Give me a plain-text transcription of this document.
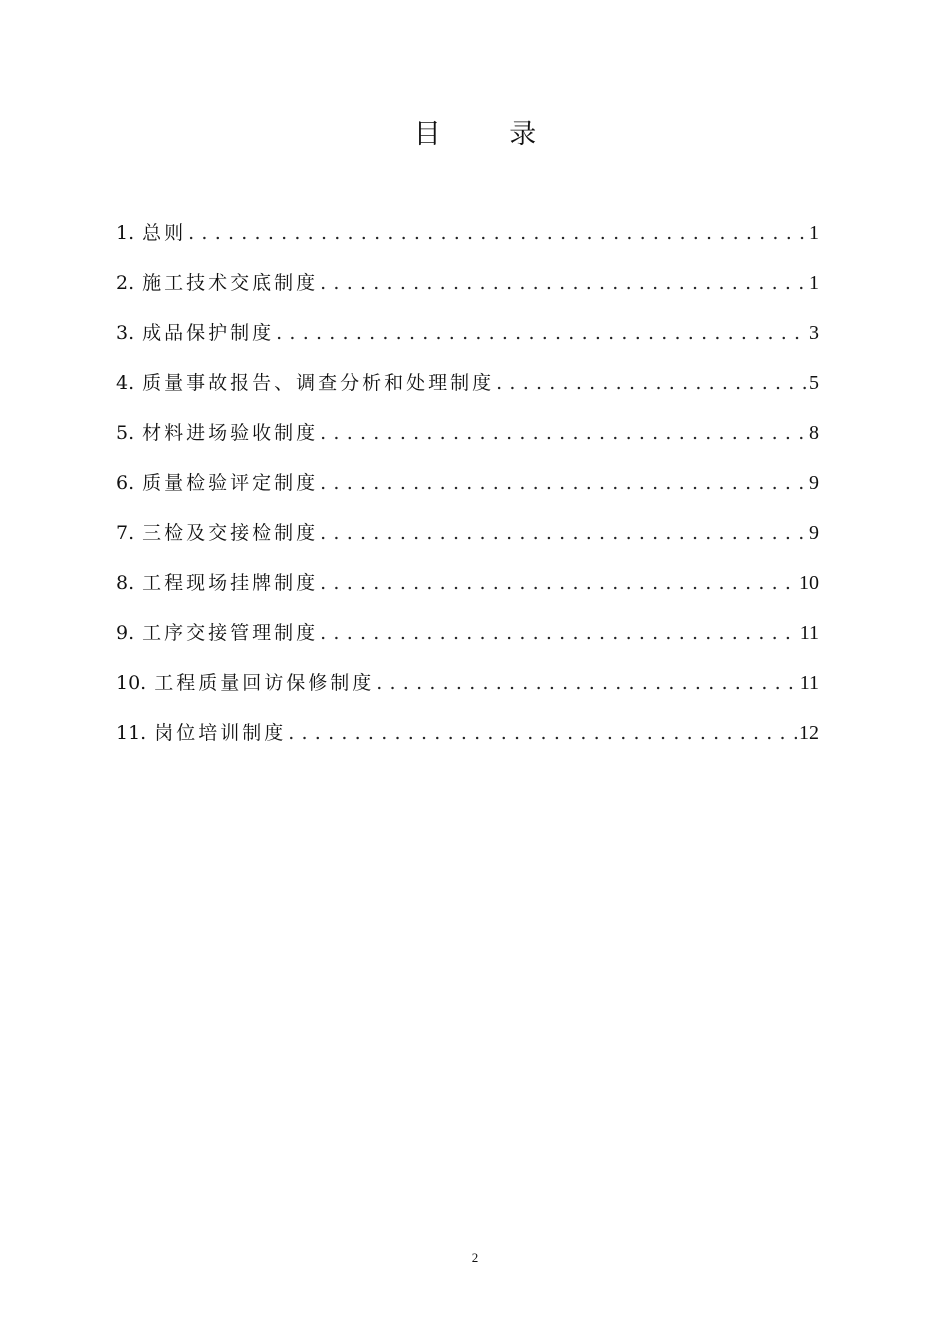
目 录
1. 总则 . . .	1
2. 施工技术交底制度 . . .	1
3. 成品保护制度 . . .	3
4. 质量事故报告、调查分析和处理制度 . . .	5
5. 材料进场验收制度 . . .	8
6. 质量检验评定制度 . . .	9
7. 三检及交接检制度 . . .	9
8. 工程现场挂牌制度 . . .	10
9. 工序交接管理制度 . . .	11
10. 工程质量回访保修制度 . . .	11
11. 岗位培训制度 . . .	12

2
